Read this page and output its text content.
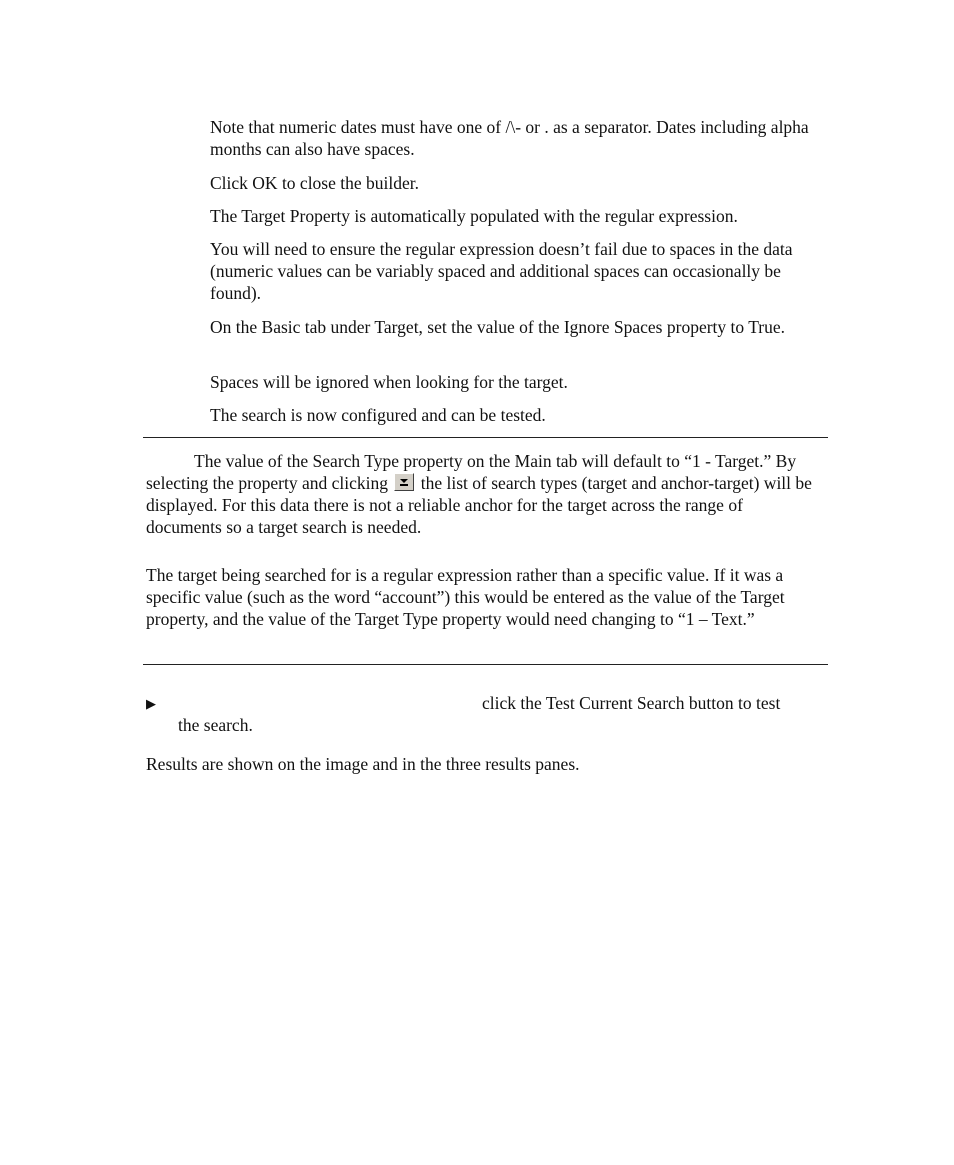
Note that numeric dates must have one of /\- or . as a separator. Dates including alpha months can also have spaces.

Click OK to close the builder.

The Target Property is automatically populated with the regular expression.

You will need to ensure the regular expression doesn’t fail due to spaces in the data (numeric values can be variably spaced and additional spaces can occasionally be found).

On the Basic tab under Target, set the value of the Ignore Spaces property to True.

Spaces will be ignored when looking for the target.

The search is now configured and can be tested.

The value of the Search Type property on the Main tab will default to “1 - Target.” By selecting the property and clicking the list of search types (target and anchor-target) will be displayed. For this data there is not a reliable anchor for the target across the range of documents so a target search is needed.

The target being searched for is a regular expression rather than a specific value. If it was a specific value (such as the word “account”) this would be entered as the value of the Target property, and the value of the Target Type property would need changing to “1 – Text.”

▶	click the Test Current Search button to test

the search.

Results are shown on the image and in the three results panes.
